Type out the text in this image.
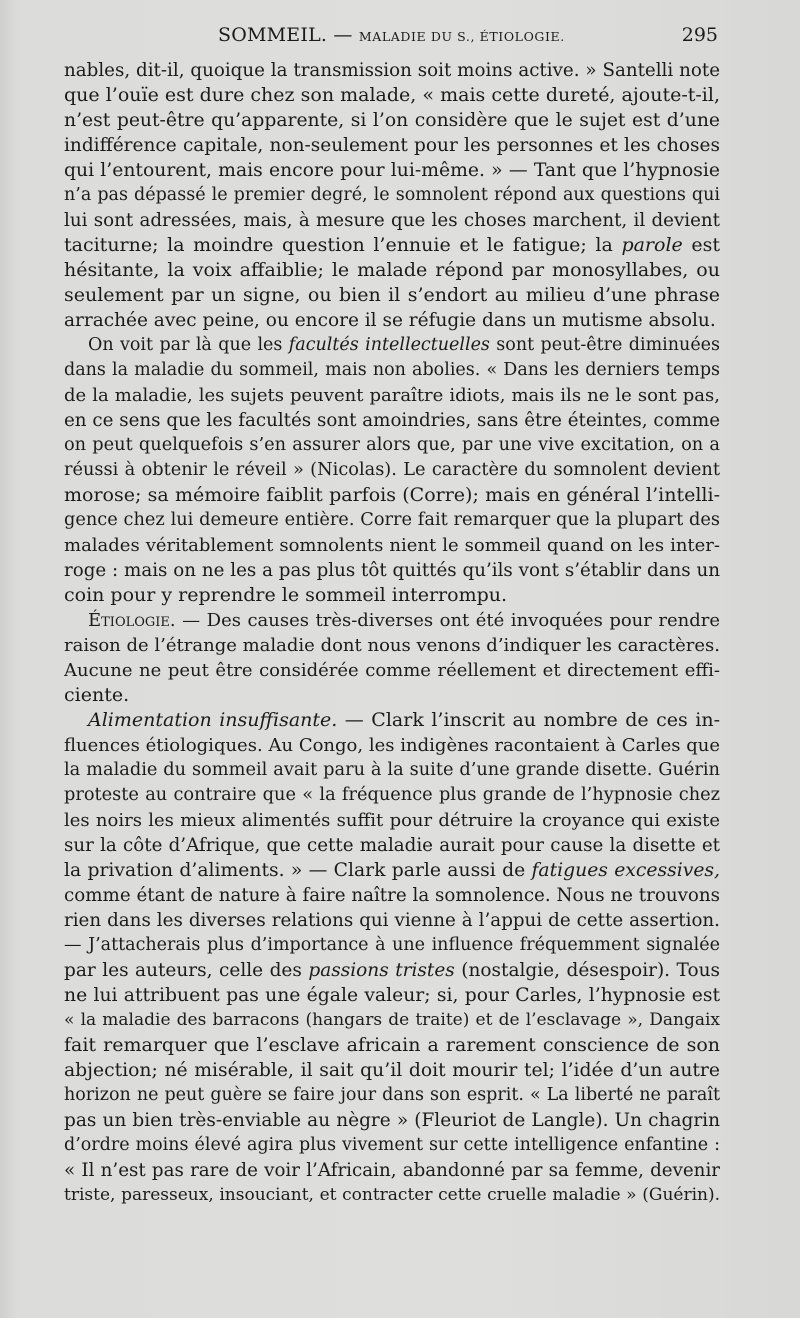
SOMMEIL. — MALADIE DU S., ÉTIOLOGIE.	295
nables, dit-il, quoique la transmission soit moins active. » Santelli note
que l’ouïe est dure chez son malade, « mais cette dureté, ajoute-t-il,
n’est peut-être qu’apparente, si l’on considère que le sujet est d’une
indifférence capitale, non-seulement pour les personnes et les choses
qui l’entourent, mais encore pour lui-même. » — Tant que l’hypnosie
n’a pas dépassé le premier degré, le somnolent répond aux questions qui
lui sont adressées, mais, à mesure que les choses marchent, il devient
taciturne; la moindre question l’ennuie et le fatigue; la parole est
hésitante, la voix affaiblie; le malade répond par monosyllabes, ou
seulement par un signe, ou bien il s’endort au milieu d’une phrase
arrachée avec peine, ou encore il se réfugie dans un mutisme absolu.
On voit par là que les facultés intellectuelles sont peut-être diminuées
dans la maladie du sommeil, mais non abolies. « Dans les derniers temps
de la maladie, les sujets peuvent paraître idiots, mais ils ne le sont pas,
en ce sens que les facultés sont amoindries, sans être éteintes, comme
on peut quelquefois s’en assurer alors que, par une vive excitation, on a
réussi à obtenir le réveil » (Nicolas). Le caractère du somnolent devient
morose; sa mémoire faiblit parfois (Corre); mais en général l’intelli-
gence chez lui demeure entière. Corre fait remarquer que la plupart des
malades véritablement somnolents nient le sommeil quand on les inter-
roge : mais on ne les a pas plus tôt quittés qu’ils vont s’établir dans un
coin pour y reprendre le sommeil interrompu.
Étiologie. — Des causes très-diverses ont été invoquées pour rendre
raison de l’étrange maladie dont nous venons d’indiquer les caractères.
Aucune ne peut être considérée comme réellement et directement effi-
ciente.
Alimentation insuffisante. — Clark l’inscrit au nombre de ces in-
fluences étiologiques. Au Congo, les indigènes racontaient à Carles que
la maladie du sommeil avait paru à la suite d’une grande disette. Guérin
proteste au contraire que « la fréquence plus grande de l’hypnosie chez
les noirs les mieux alimentés suffit pour détruire la croyance qui existe
sur la côte d’Afrique, que cette maladie aurait pour cause la disette et
la privation d’aliments. » — Clark parle aussi de fatigues excessives,
comme étant de nature à faire naître la somnolence. Nous ne trouvons
rien dans les diverses relations qui vienne à l’appui de cette assertion.
— J’attacherais plus d’importance à une influence fréquemment signalée
par les auteurs, celle des passions tristes (nostalgie, désespoir). Tous
ne lui attribuent pas une égale valeur; si, pour Carles, l’hypnosie est
« la maladie des barracons (hangars de traite) et de l’esclavage », Dangaix
fait remarquer que l’esclave africain a rarement conscience de son
abjection; né misérable, il sait qu’il doit mourir tel; l’idée d’un autre
horizon ne peut guère se faire jour dans son esprit. « La liberté ne paraît
pas un bien très-enviable au nègre » (Fleuriot de Langle). Un chagrin
d’ordre moins élevé agira plus vivement sur cette intelligence enfantine :
« Il n’est pas rare de voir l’Africain, abandonné par sa femme, devenir
triste, paresseux, insouciant, et contracter cette cruelle maladie » (Guérin).
